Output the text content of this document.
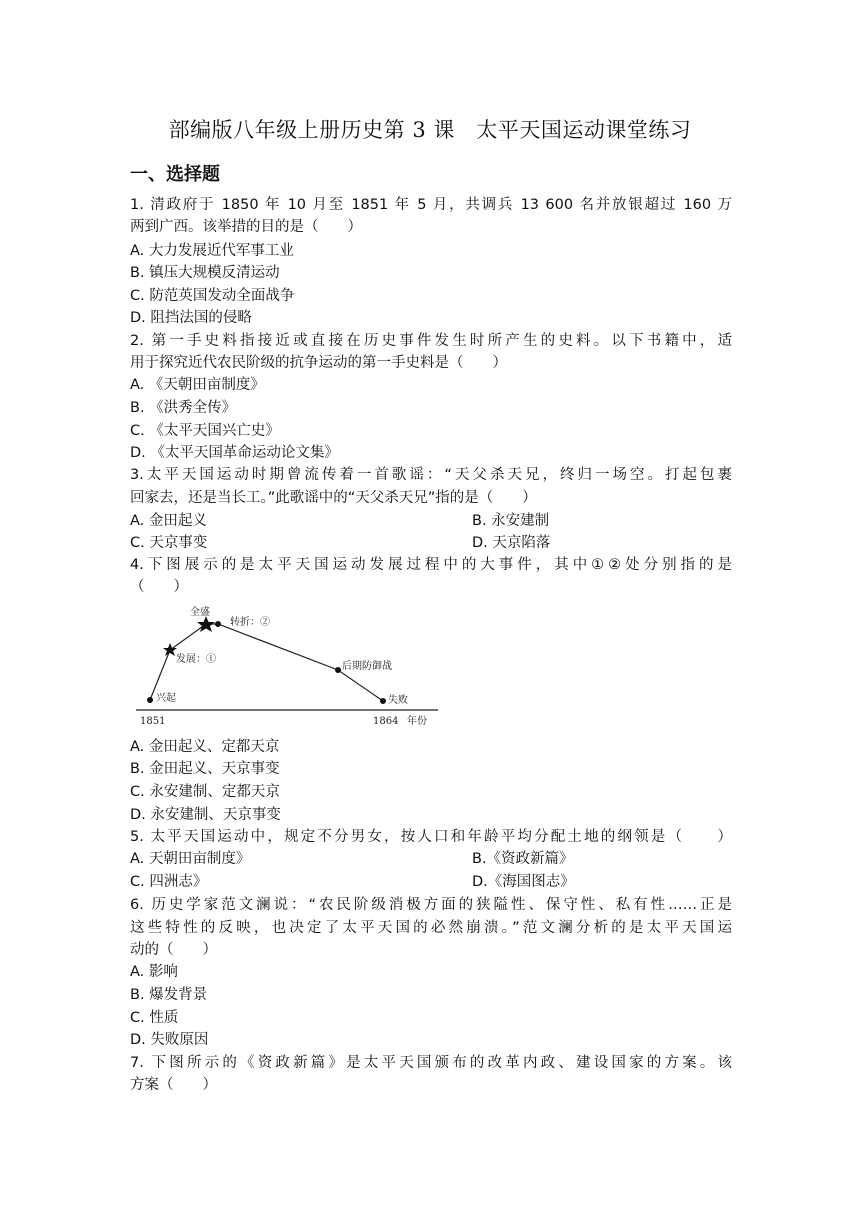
部编版八年级上册历史第 3 课　太平天国运动课堂练习
一、选择题
1. 清政府于 1850 年 10 月至 1851 年 5 月，共调兵 13 600 名并放银超过 160 万
两到广西。该举措的目的是（　　）
A. 大力发展近代军事工业
B. 镇压大规模反清运动
C. 防范英国发动全面战争
D. 阻挡法国的侵略
2. 第一手史料指接近或直接在历史事件发生时所产生的史料。以下书籍中，适
用于探究近代农民阶级的抗争运动的第一手史料是（　　）
A. 《天朝田亩制度》
B. 《洪秀全传》
C. 《太平天国兴亡史》
D. 《太平天国革命运动论文集》
3.太平天国运动时期曾流传着一首歌谣：“天父杀天兄，终归一场空。打起包裹
回家去，还是当长工。”此歌谣中的“天父杀天兄”指的是（　　）
A. 金田起义	B. 永安建制
C. 天京事变	D. 天京陷落
4.下图展示的是太平天国运动发展过程中的大事件，其中①②处分别指的是
（　　）
兴起
发展：①
全盛
转折：②
后期防御战
失败
1851	1864 年份
A. 金田起义、定都天京
B. 金田起义、天京事变
C. 永安建制、定都天京
D. 永安建制、天京事变
5. 太平天国运动中，规定不分男女，按人口和年龄平均分配土地的纲领是（　　）
A. 天朝田亩制度》	B.《资政新篇》
C. 四洲志》	D.《海国图志》
6. 历史学家范文澜说：“农民阶级消极方面的狭隘性、保守性、私有性……正是
这些特性的反映，也决定了太平天国的必然崩溃。”范文澜分析的是太平天国运
动的（　　）
A. 影响
B. 爆发背景
C. 性质
D. 失败原因
7. 下图所示的《资政新篇》是太平天国颁布的改革内政、建设国家的方案。该
方案（　　）
